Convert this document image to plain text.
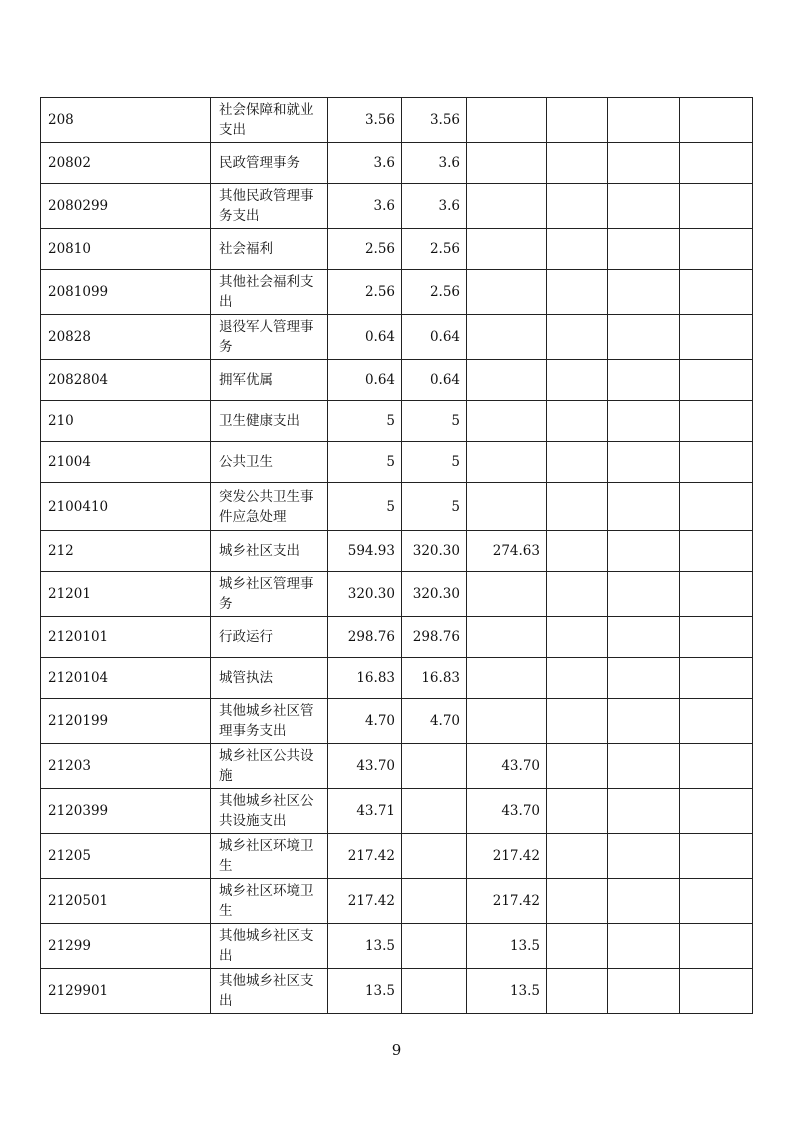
208	社会保障和就业支出	3.56	3.56				
20802	民政管理事务	3.6	3.6				
2080299	其他民政管理事务支出	3.6	3.6				
20810	社会福利	2.56	2.56				
2081099	其他社会福利支出	2.56	2.56				
20828	退役军人管理事务	0.64	0.64				
2082804	拥军优属	0.64	0.64				
210	卫生健康支出	5	5				
21004	公共卫生	5	5				
2100410	突发公共卫生事件应急处理	5	5				
212	城乡社区支出	594.93	320.30	274.63			
21201	城乡社区管理事务	320.30	320.30				
2120101	行政运行	298.76	298.76				
2120104	城管执法	16.83	16.83				
2120199	其他城乡社区管理事务支出	4.70	4.70				
21203	城乡社区公共设施	43.70		43.70			
2120399	其他城乡社区公共设施支出	43.71		43.70			
21205	城乡社区环境卫生	217.42		217.42			
2120501	城乡社区环境卫生	217.42		217.42			
21299	其他城乡社区支出	13.5		13.5			
2129901	其他城乡社区支出	13.5		13.5			
9
